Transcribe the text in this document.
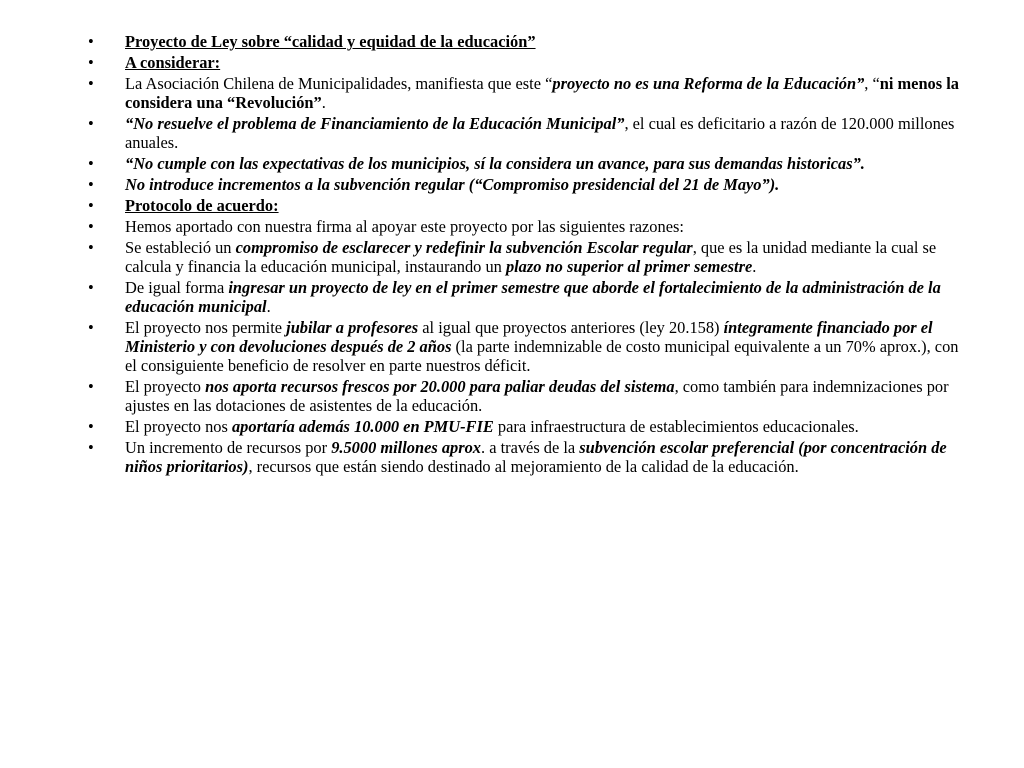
• Proyecto de Ley sobre “calidad y equidad de la educación”
• A considerar:
• La Asociación Chilena de Municipalidades, manifiesta que este “proyecto no es una Reforma de la Educación”, “ni menos la considera una “Revolución”.
• “No resuelve el problema de Financiamiento de la Educación Municipal”, el cual es deficitario a razón de 120.000 millones anuales.
• “No cumple con las expectativas de los municipios, sí la considera un avance, para sus demandas historicas”.
• No introduce incrementos a la subvención regular (“Compromiso presidencial del 21 de Mayo”).
• Protocolo de acuerdo:
• Hemos aportado con nuestra firma al apoyar este proyecto por las siguientes razones:
• Se estableció un compromiso de esclarecer y redefinir la subvención Escolar regular, que es la unidad mediante la cual se calcula y financia la educación municipal, instaurando un plazo no superior al primer semestre.
• De igual forma ingresar un proyecto de ley en el primer semestre que aborde el fortalecimiento de la administración de la educación municipal.
• El proyecto nos permite jubilar a profesores al igual que proyectos anteriores (ley 20.158) íntegramente financiado por el Ministerio y con devoluciones después de 2 años (la parte indemnizable de costo municipal equivalente a un 70% aprox.), con el consiguiente beneficio de resolver en parte nuestros déficit.
• El proyecto nos aporta recursos frescos por 20.000 para paliar deudas del sistema, como también para indemnizaciones por ajustes en las dotaciones de asistentes de la educación.
• El proyecto nos aportaría además 10.000 en PMU-FIE para infraestructura de establecimientos educacionales.
• Un incremento de recursos por 9.5000 millones aprox. a través de la subvención escolar preferencial (por concentración de niños prioritarios), recursos que están siendo destinado al mejoramiento de la calidad de la educación.
